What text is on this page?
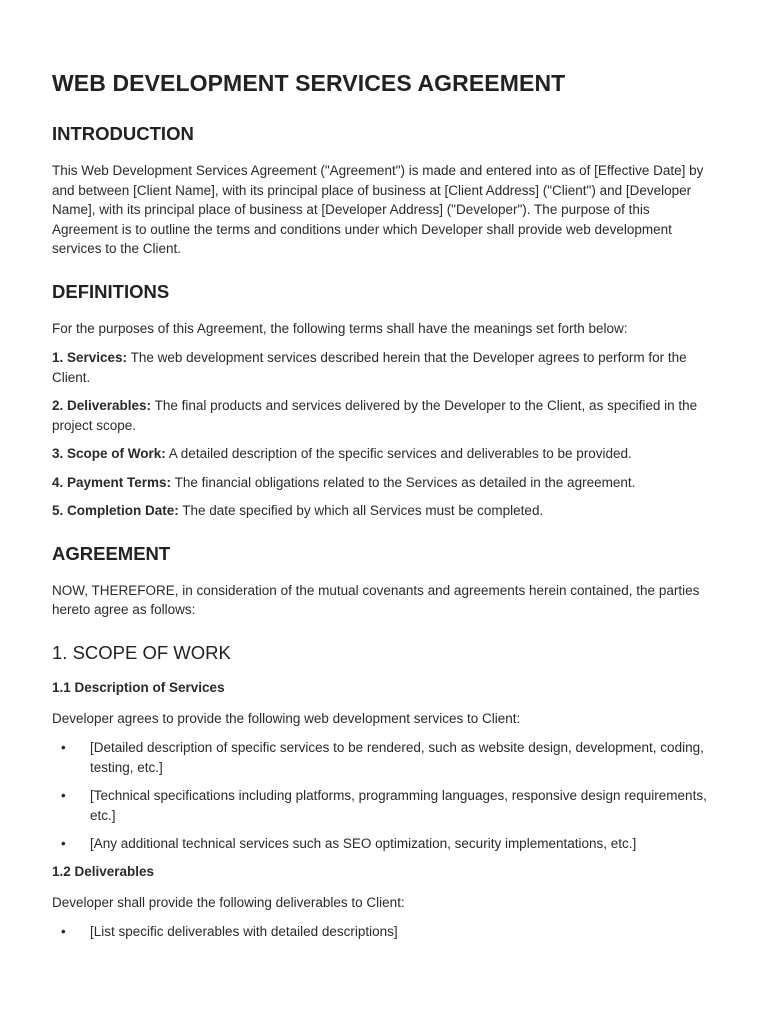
WEB DEVELOPMENT SERVICES AGREEMENT
INTRODUCTION

This Web Development Services Agreement ("Agreement") is made and entered into as of [Effective Date] by and between [Client Name], with its principal place of business at [Client Address] ("Client") and [Developer Name], with its principal place of business at [Developer Address] ("Developer"). The purpose of this Agreement is to outline the terms and conditions under which Developer shall provide web development services to the Client.

DEFINITIONS

For the purposes of this Agreement, the following terms shall have the meanings set forth below:

1. Services: The web development services described herein that the Developer agrees to perform for the Client.

2. Deliverables: The final products and services delivered by the Developer to the Client, as specified in the project scope.

3. Scope of Work: A detailed description of the specific services and deliverables to be provided.

4. Payment Terms: The financial obligations related to the Services as detailed in the agreement.

5. Completion Date: The date specified by which all Services must be completed.

AGREEMENT

NOW, THEREFORE, in consideration of the mutual covenants and agreements herein contained, the parties hereto agree as follows:

1. SCOPE OF WORK
1.1 Description of Services

Developer agrees to provide the following web development services to Client:

• [Detailed description of specific services to be rendered, such as website design, development, coding, testing, etc.]
• [Technical specifications including platforms, programming languages, responsive design requirements, etc.]
• [Any additional technical services such as SEO optimization, security implementations, etc.]
1.2 Deliverables

Developer shall provide the following deliverables to Client:

• [List specific deliverables with detailed descriptions]
